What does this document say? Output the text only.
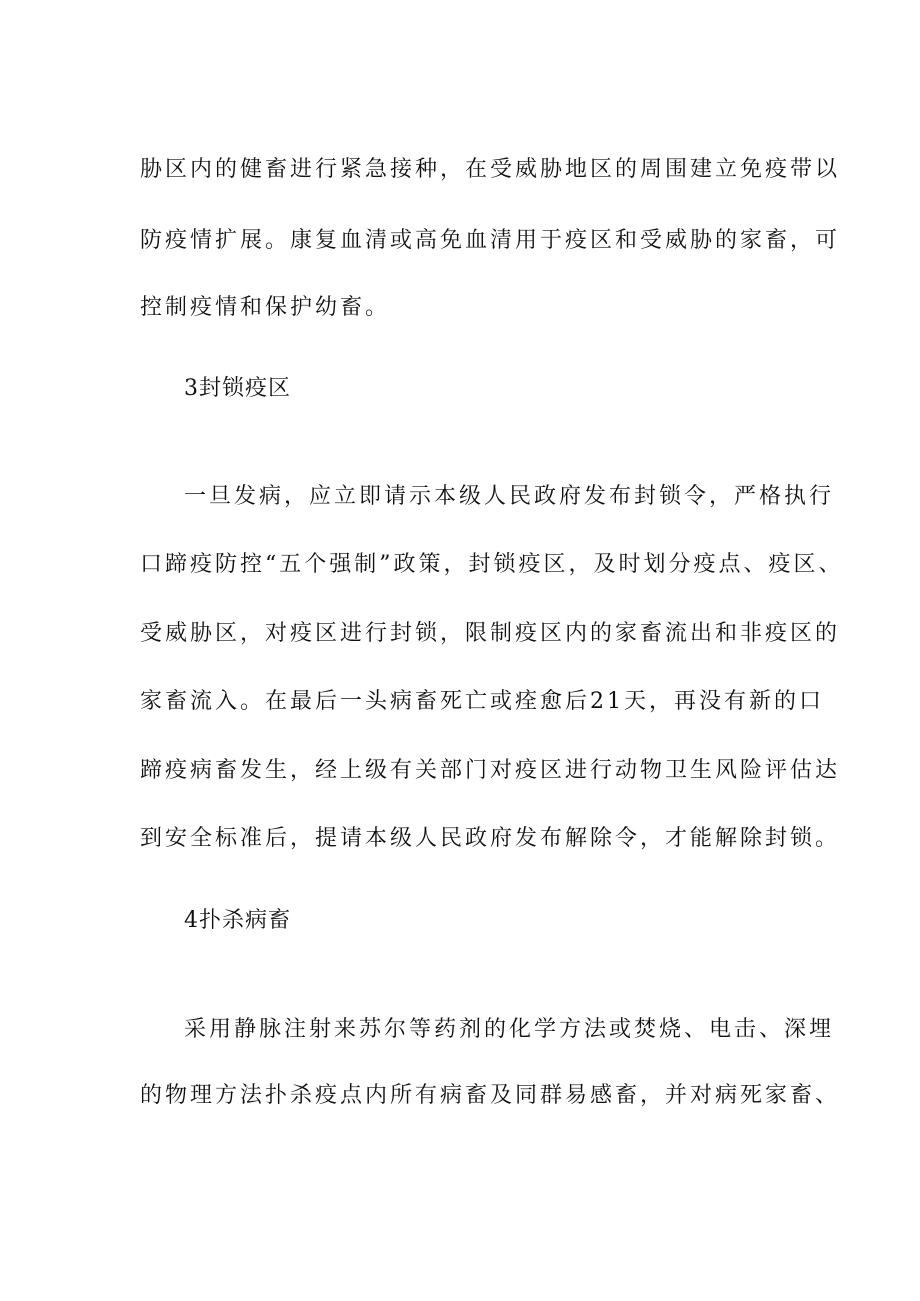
胁区内的健畜进行紧急接种，在受威胁地区的周围建立免疫带以
防疫情扩展。康复血清或高免血清用于疫区和受威胁的家畜，可
控制疫情和保护幼畜。
3封锁疫区
一旦发病，应立即请示本级人民政府发布封锁令，严格执行
口蹄疫防控“五个强制”政策，封锁疫区，及时划分疫点、疫区、
受威胁区，对疫区进行封锁，限制疫区内的家畜流出和非疫区的
家畜流入。在最后一头病畜死亡或痊愈后21天，再没有新的口
蹄疫病畜发生，经上级有关部门对疫区进行动物卫生风险评估达
到安全标准后，提请本级人民政府发布解除令，才能解除封锁。
4扑杀病畜
采用静脉注射来苏尔等药剂的化学方法或焚烧、电击、深埋
的物理方法扑杀疫点内所有病畜及同群易感畜，并对病死家畜、
